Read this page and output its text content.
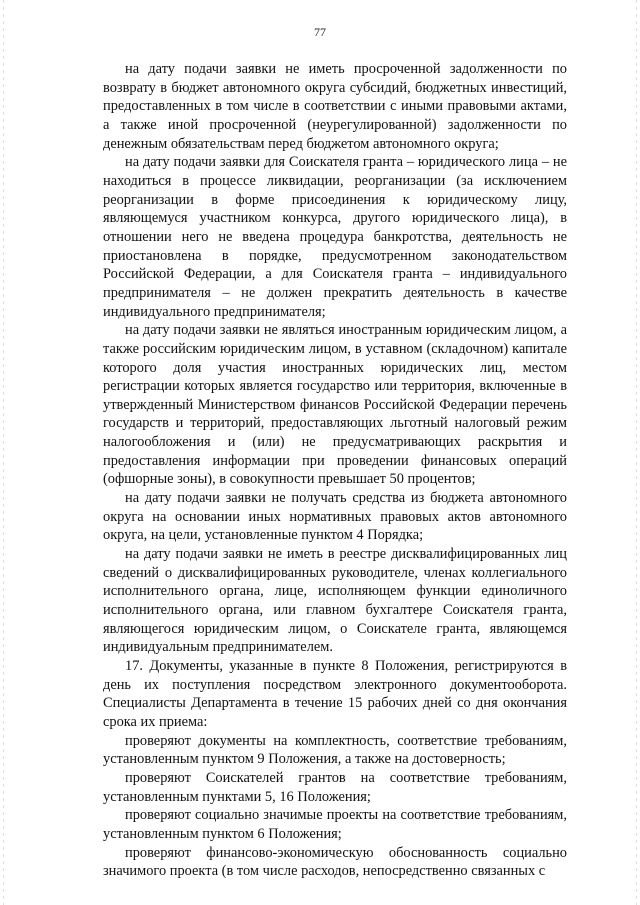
77

на дату подачи заявки не иметь просроченной задолженности по возврату в бюджет автономного округа субсидий, бюджетных инвестиций, предоставленных в том числе в соответствии с иными правовыми актами, а также иной просроченной (неурегулированной) задолженности по денежным обязательствам перед бюджетом автономного округа;

на дату подачи заявки для Соискателя гранта – юридического лица – не находиться в процессе ликвидации, реорганизации (за исключением реорганизации в форме присоединения к юридическому лицу, являющемуся участником конкурса, другого юридического лица), в отношении него не введена процедура банкротства, деятельность не приостановлена в порядке, предусмотренном законодательством Российской Федерации, а для Соискателя гранта – индивидуального предпринимателя – не должен прекратить деятельность в качестве индивидуального предпринимателя;

на дату подачи заявки не являться иностранным юридическим лицом, а также российским юридическим лицом, в уставном (складочном) капитале которого доля участия иностранных юридических лиц, местом регистрации которых является государство или территория, включенные в утвержденный Министерством финансов Российской Федерации перечень государств и территорий, предоставляющих льготный налоговый режим налогообложения и (или) не предусматривающих раскрытия и предоставления информации при проведении финансовых операций (офшорные зоны), в совокупности превышает 50 процентов;

на дату подачи заявки не получать средства из бюджета автономного округа на основании иных нормативных правовых актов автономного округа, на цели, установленные пунктом 4 Порядка;

на дату подачи заявки не иметь в реестре дисквалифицированных лиц сведений о дисквалифицированных руководителе, членах коллегиального исполнительного органа, лице, исполняющем функции единоличного исполнительного органа, или главном бухгалтере Соискателя гранта, являющегося юридическим лицом, о Соискателе гранта, являющемся индивидуальным предпринимателем.

17. Документы, указанные в пункте 8 Положения, регистрируются в день их поступления посредством электронного документооборота. Специалисты Департамента в течение 15 рабочих дней со дня окончания срока их приема:

проверяют документы на комплектность, соответствие требованиям, установленным пунктом 9 Положения, а также на достоверность;

проверяют Соискателей грантов на соответствие требованиям, установленным пунктами 5, 16 Положения;

проверяют социально значимые проекты на соответствие требованиям, установленным пунктом 6 Положения;

проверяют финансово-экономическую обоснованность социально значимого проекта (в том числе расходов, непосредственно связанных с
